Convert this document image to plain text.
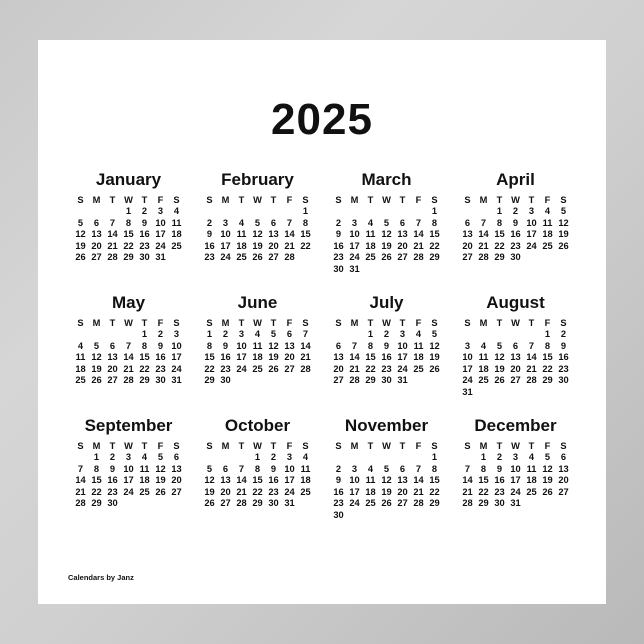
2025
January
S	M	T	W	T	F	S
			1	2	3	4
5	6	7	8	9	10	11
12	13	14	15	16	17	18
19	20	21	22	23	24	25
26	27	28	29	30	31	
February
S	M	T	W	T	F	S
						1
2	3	4	5	6	7	8
9	10	11	12	13	14	15
16	17	18	19	20	21	22
23	24	25	26	27	28	
March
S	M	T	W	T	F	S
						1
2	3	4	5	6	7	8
9	10	11	12	13	14	15
16	17	18	19	20	21	22
23	24	25	26	27	28	29
30	31					
April
S	M	T	W	T	F	S
		1	2	3	4	5
6	7	8	9	10	11	12
13	14	15	16	17	18	19
20	21	22	23	24	25	26
27	28	29	30			
May
S	M	T	W	T	F	S
				1	2	3
4	5	6	7	8	9	10
11	12	13	14	15	16	17
18	19	20	21	22	23	24
25	26	27	28	29	30	31
June
S	M	T	W	T	F	S
1	2	3	4	5	6	7
8	9	10	11	12	13	14
15	16	17	18	19	20	21
22	23	24	25	26	27	28
29	30					
July
S	M	T	W	T	F	S
		1	2	3	4	5
6	7	8	9	10	11	12
13	14	15	16	17	18	19
20	21	22	23	24	25	26
27	28	29	30	31		
August
S	M	T	W	T	F	S
					1	2
3	4	5	6	7	8	9
10	11	12	13	14	15	16
17	18	19	20	21	22	23
24	25	26	27	28	29	30
31						
September
S	M	T	W	T	F	S
	1	2	3	4	5	6
7	8	9	10	11	12	13
14	15	16	17	18	19	20
21	22	23	24	25	26	27
28	29	30				
October
S	M	T	W	T	F	S
			1	2	3	4
5	6	7	8	9	10	11
12	13	14	15	16	17	18
19	20	21	22	23	24	25
26	27	28	29	30	31	
November
S	M	T	W	T	F	S
						1
2	3	4	5	6	7	8
9	10	11	12	13	14	15
16	17	18	19	20	21	22
23	24	25	26	27	28	29
30						
December
S	M	T	W	T	F	S
	1	2	3	4	5	6
7	8	9	10	11	12	13
14	15	16	17	18	19	20
21	22	23	24	25	26	27
28	29	30	31			
Calendars by Janz
